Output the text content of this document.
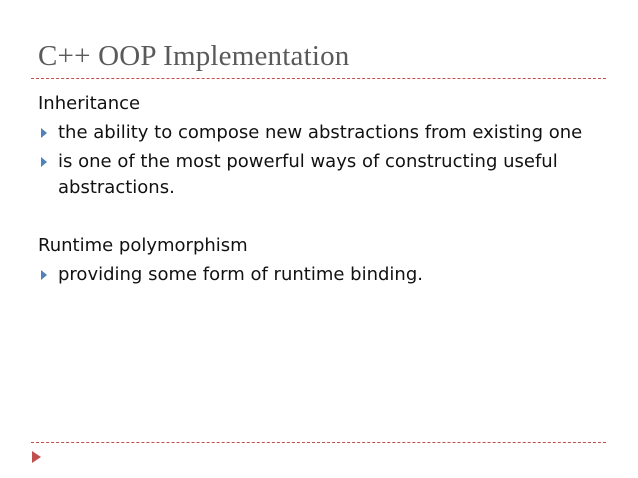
C++ OOP Implementation

Inheritance

the ability to compose new abstractions from existing one
is one of the most powerful ways of constructing useful abstractions.

Runtime polymorphism

providing some form of runtime binding.
